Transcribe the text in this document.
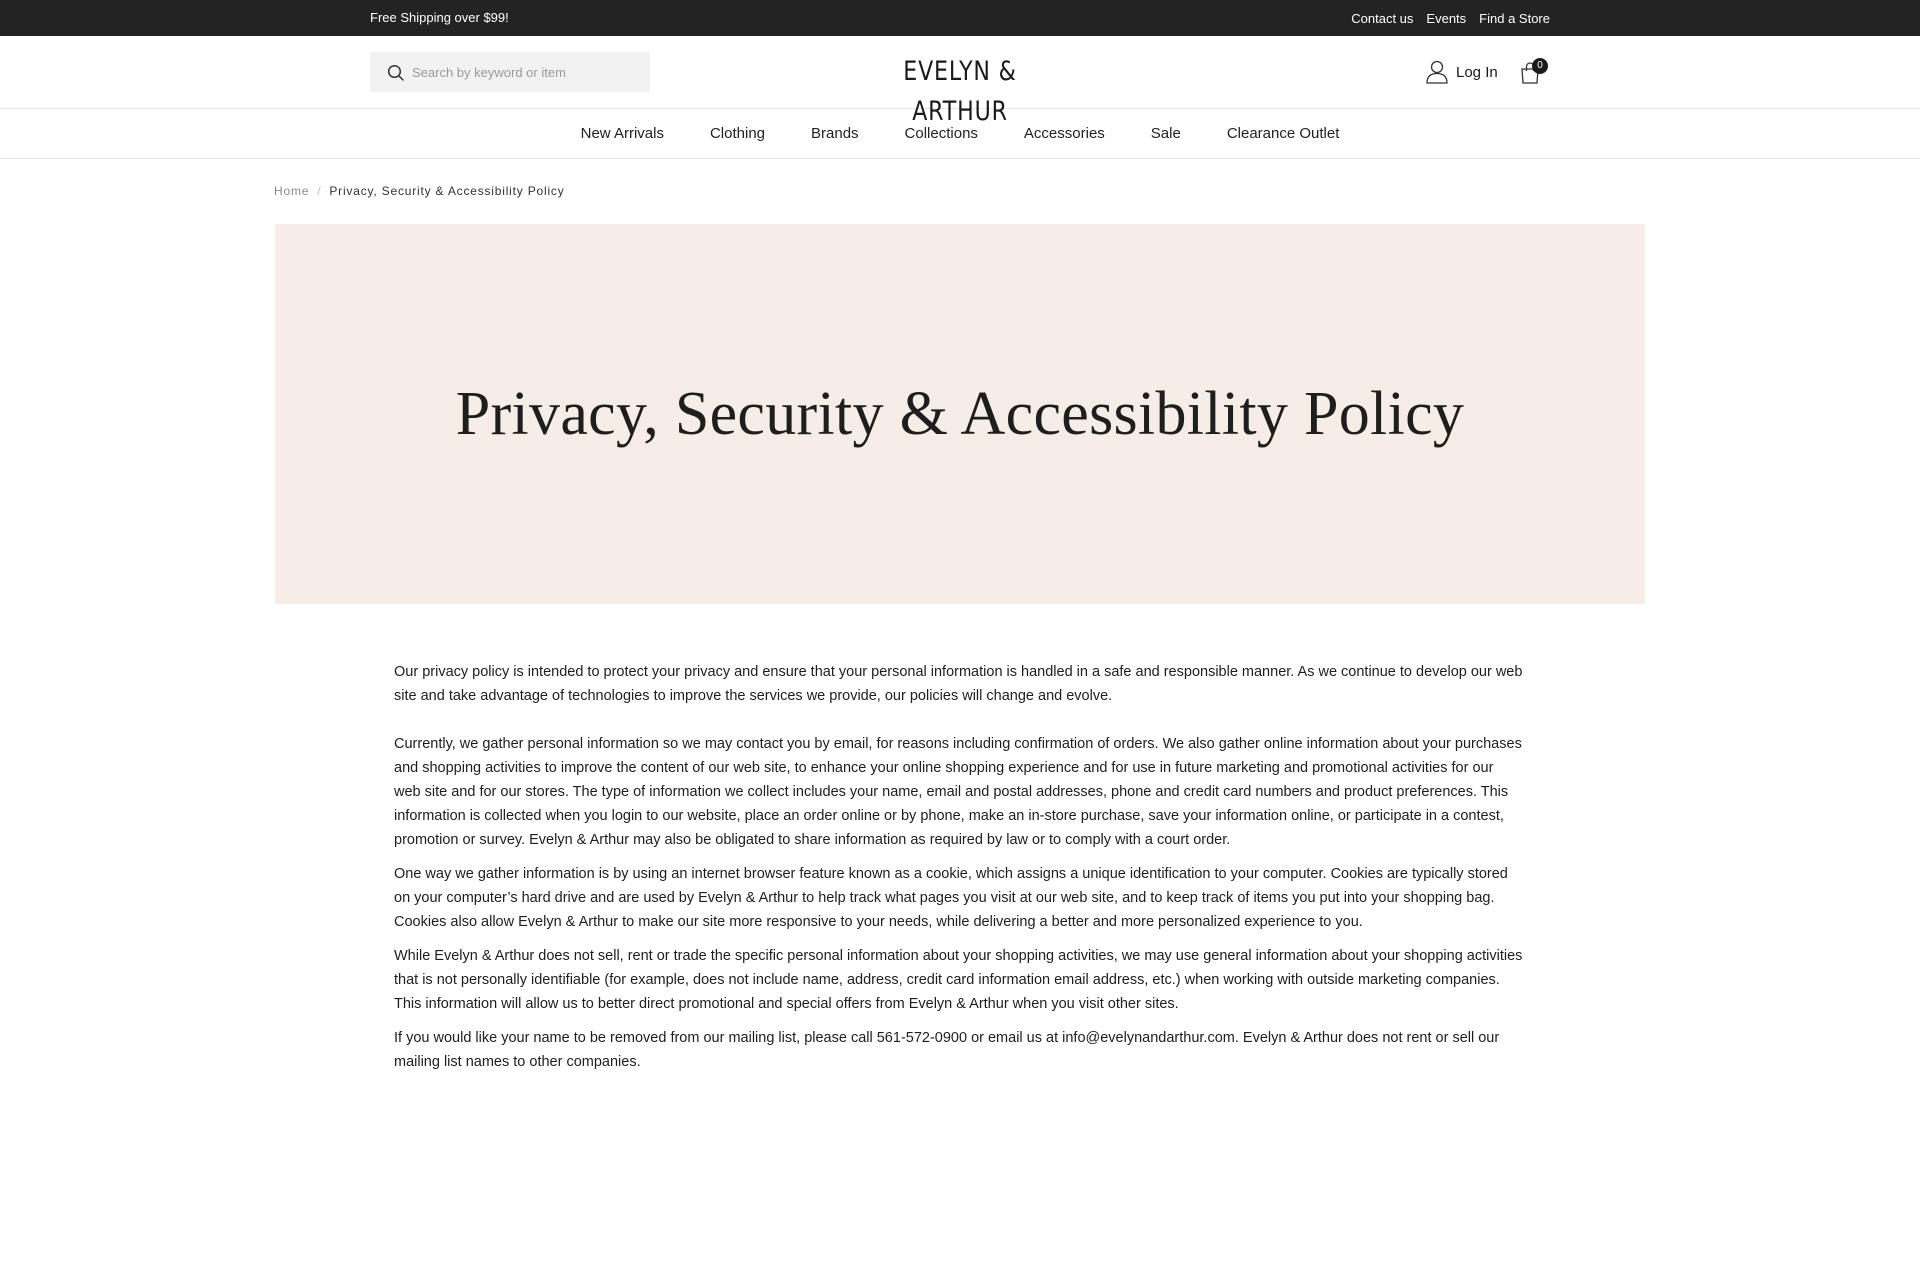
Free Shipping over $99!	Contact us Events Find a Store
Search by keyword or item
EVELYN & ARTHUR
Log In	0
New Arrivals	Clothing	Brands	Collections	Accessories	Sale	Clearance Outlet
Home / Privacy, Security & Accessibility Policy
Privacy, Security & Accessibility Policy

Our privacy policy is intended to protect your privacy and ensure that your personal information is handled in a safe and responsible manner. As we continue to develop our web site and take advantage of technologies to improve the services we provide, our policies will change and evolve.

Currently, we gather personal information so we may contact you by email, for reasons including confirmation of orders. We also gather online information about your purchases and shopping activities to improve the content of our web site, to enhance your online shopping experience and for use in future marketing and promotional activities for our web site and for our stores. The type of information we collect includes your name, email and postal addresses, phone and credit card numbers and product preferences. This information is collected when you login to our website, place an order online or by phone, make an in-store purchase, save your information online, or participate in a contest, promotion or survey. Evelyn & Arthur may also be obligated to share information as required by law or to comply with a court order.

One way we gather information is by using an internet browser feature known as a cookie, which assigns a unique identification to your computer. Cookies are typically stored on your computer’s hard drive and are used by Evelyn & Arthur to help track what pages you visit at our web site, and to keep track of items you put into your shopping bag. Cookies also allow Evelyn & Arthur to make our site more responsive to your needs, while delivering a better and more personalized experience to you.

While Evelyn & Arthur does not sell, rent or trade the specific personal information about your shopping activities, we may use general information about your shopping activities that is not personally identifiable (for example, does not include name, address, credit card information email address, etc.) when working with outside marketing companies. This information will allow us to better direct promotional and special offers from Evelyn & Arthur when you visit other sites.

If you would like your name to be removed from our mailing list, please call 561-572-0900 or email us at info@evelynandarthur.com. Evelyn & Arthur does not rent or sell our mailing list names to other companies.
